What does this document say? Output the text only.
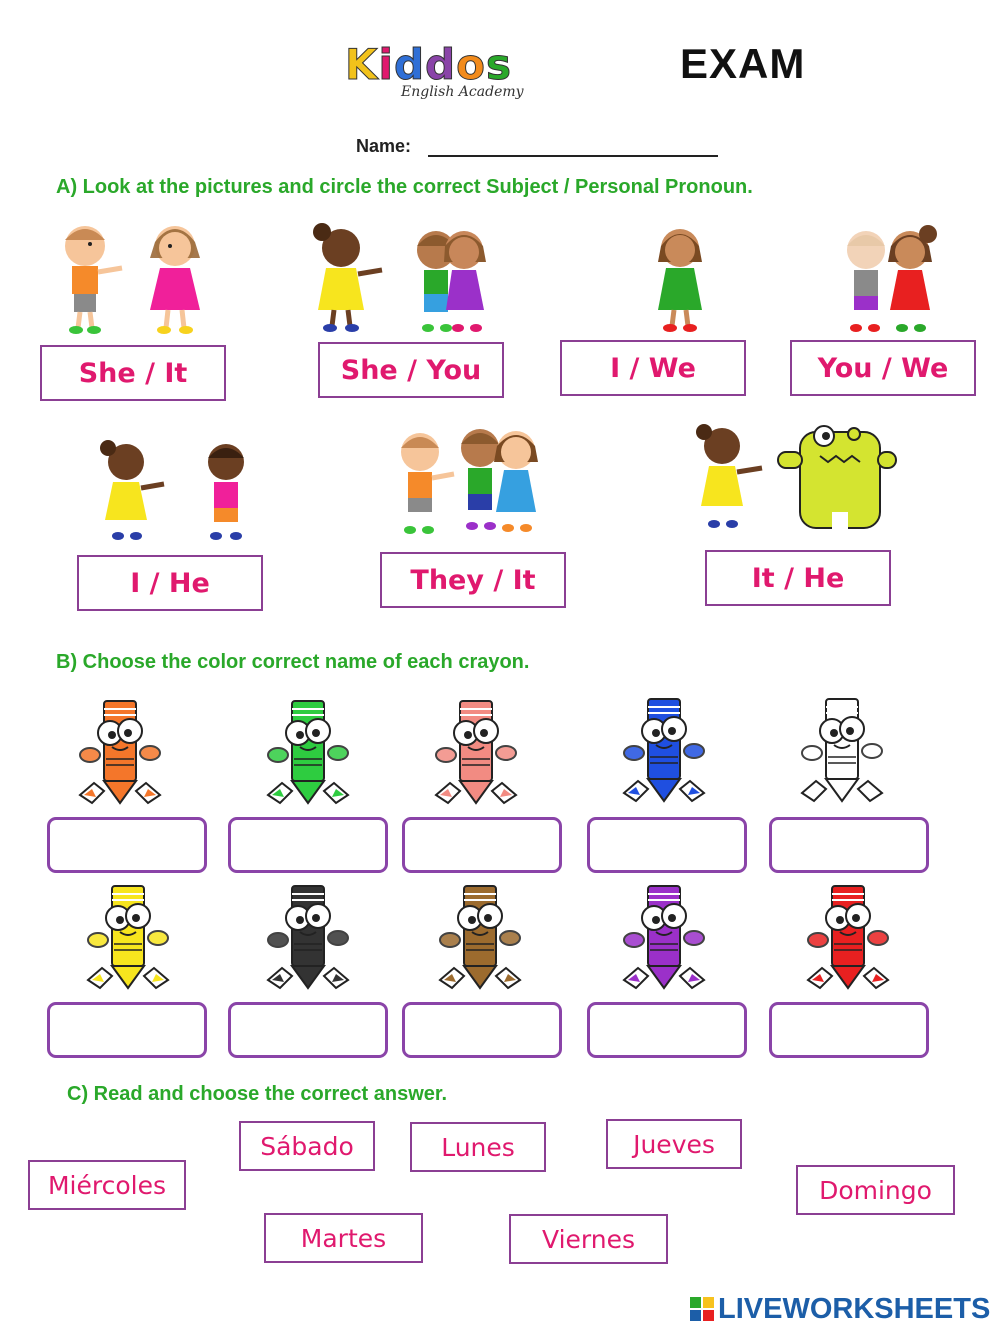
Kiddos
English Academy
EXAM
Name:
A) Look at the pictures and circle the correct Subject / Personal Pronoun.
She / It	She / You	I / We	You / We
I / He	They / It	It / He
B) Choose the color correct name of each crayon.
C) Read and choose the correct answer.
Sábado	Lunes	Jueves
Miércoles	Domingo
Martes	Viernes
LIVEWORKSHEETS
